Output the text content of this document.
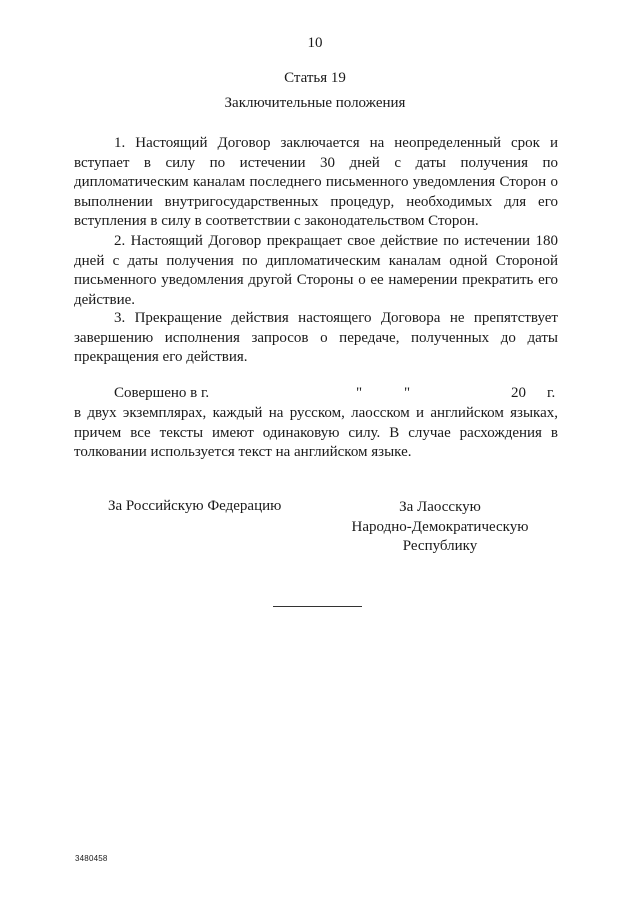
10
Статья 19
Заключительные положения

1. Настоящий Договор заключается на неопределенный срок и вступает в силу по истечении 30 дней с даты получения по дипломатическим каналам последнего письменного уведомления Сторон о выполнении внутригосударственных процедур, необходимых для его вступления в силу в соответствии с законодательством Сторон.

2. Настоящий Договор прекращает свое действие по истечении 180 дней с даты получения по дипломатическим каналам одной Стороной письменного уведомления другой Стороны о ее намерении прекратить его действие.

3. Прекращение действия настоящего Договора не препятствует завершению исполнения запросов о передаче, полученных до даты прекращения его действия.

Совершено в г.	"	"	20 г.

в двух экземплярах, каждый на русском, лаосском и английском языках, причем все тексты имеют одинаковую силу. В случае расхождения в толковании используется текст на английском языке.

За Российскую Федерацию	За Лаосскую
Народно-Демократическую
Республику
3480458
